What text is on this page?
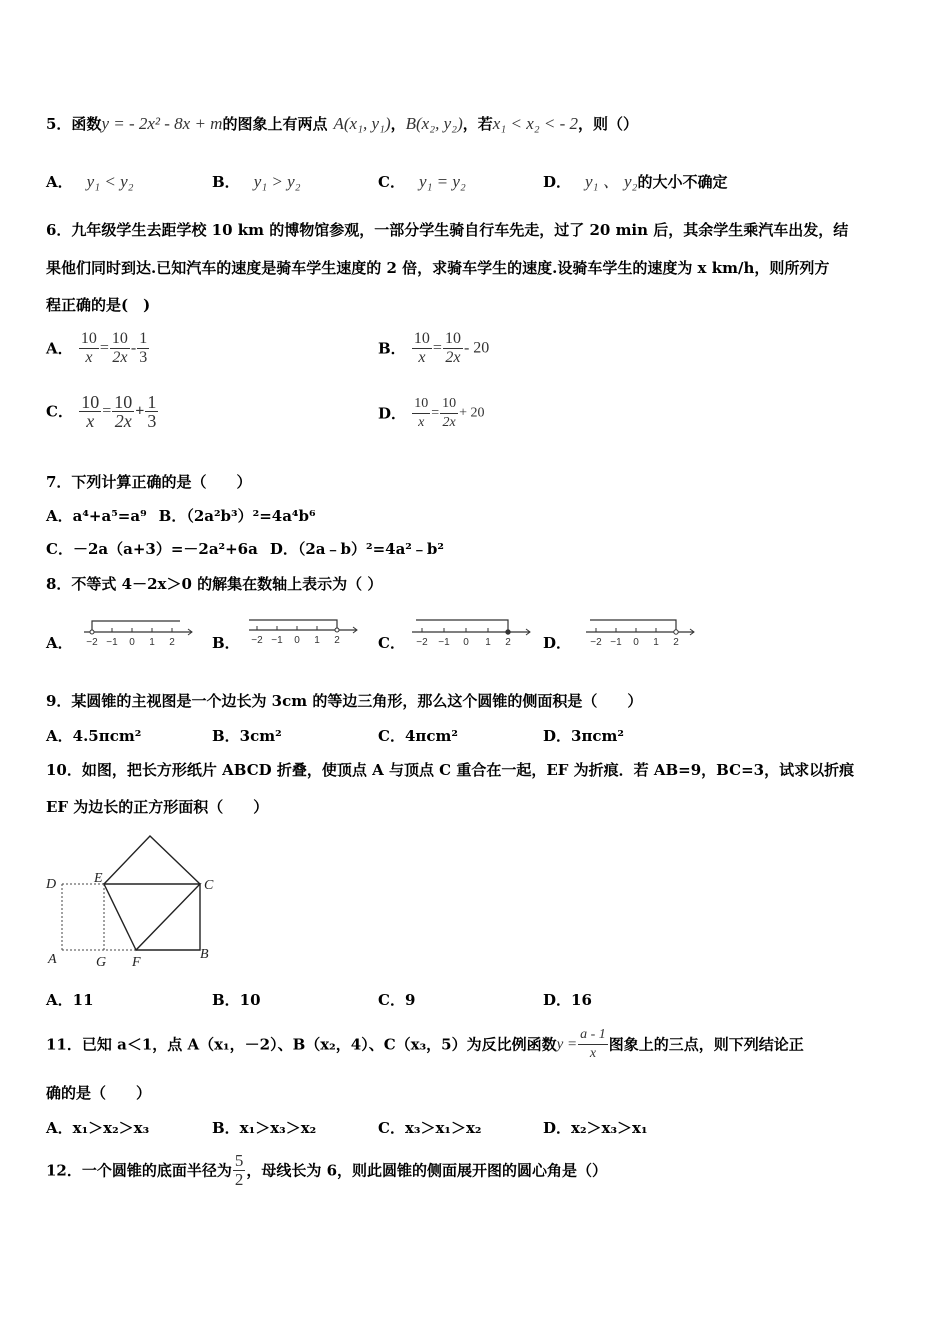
5．函数y = - 2x² - 8x + m的图象上有两点 A(x₁, y₁)，B(x₂, y₂)，若x₁ < x₂ < - 2，则（）
A． y₁ < y₂	B． y₁ > y₂	C． y₁ = y₂	D． y₁ 、 y₂的大小不确定
6．九年级学生去距学校 10 km 的博物馆参观，一部分学生骑自行车先走，过了 20 min 后，其余学生乘汽车出发，结
果他们同时到达.已知汽车的速度是骑车学生速度的 2 倍，求骑车学生的速度.设骑车学生的速度为 x km/h，则所列方
程正确的是(　)
A． $\frac{10}{x} = \frac{10}{2x} - \frac{1}{3}$	B． $\frac{10}{x} = \frac{10}{2x} - 20$
C． $\frac{10}{x} = \frac{10}{2x} + \frac{1}{3}$	D． $\frac{10}{x} = \frac{10}{2x} + 20$
7．下列计算正确的是（　　）
A．a⁴+a⁵=a⁹ B．（2a²b³）²=4a⁴b⁶
C．－2a（a+3）=－2a²+6a D．（2a﹣b）²=4a²﹣b²
8．不等式 4－2x＞0 的解集在数轴上表示为（ ）
A．	B．	C．	D．
−2 −1 0 1 2	−2 −1 0 1 2	−2 −1 0 1 2	−2 −1 0 1 2
9．某圆锥的主视图是一个边长为 3cm 的等边三角形，那么这个圆锥的侧面积是（　　）
A．4.5πcm²	B．3cm²	C．4πcm²	D．3πcm²
10．如图，把长方形纸片 ABCD 折叠，使顶点 A 与顶点 C 重合在一起，EF 为折痕．若 AB=9，BC=3，试求以折痕
EF 为边长的正方形面积（　　）
D	E	C
A	G F
B
A．11	B．10	C．9	D．16
11．已知 a＜1，点 A（x₁，－2）、B（x₂，4）、C（x₃，5）为反比例函数$y = \frac{a - 1}{x}$ 图象上的三点，则下列结论正
确的是（　　）
A．x₁＞x₂＞x₃	B．x₁＞x₃＞x₂	C．x₃＞x₁＞x₂	D．x₂＞x₃＞x₁
12．一个圆锥的底面半径为 $\frac{5}{2}$ ，母线长为 6，则此圆锥的侧面展开图的圆心角是（）
